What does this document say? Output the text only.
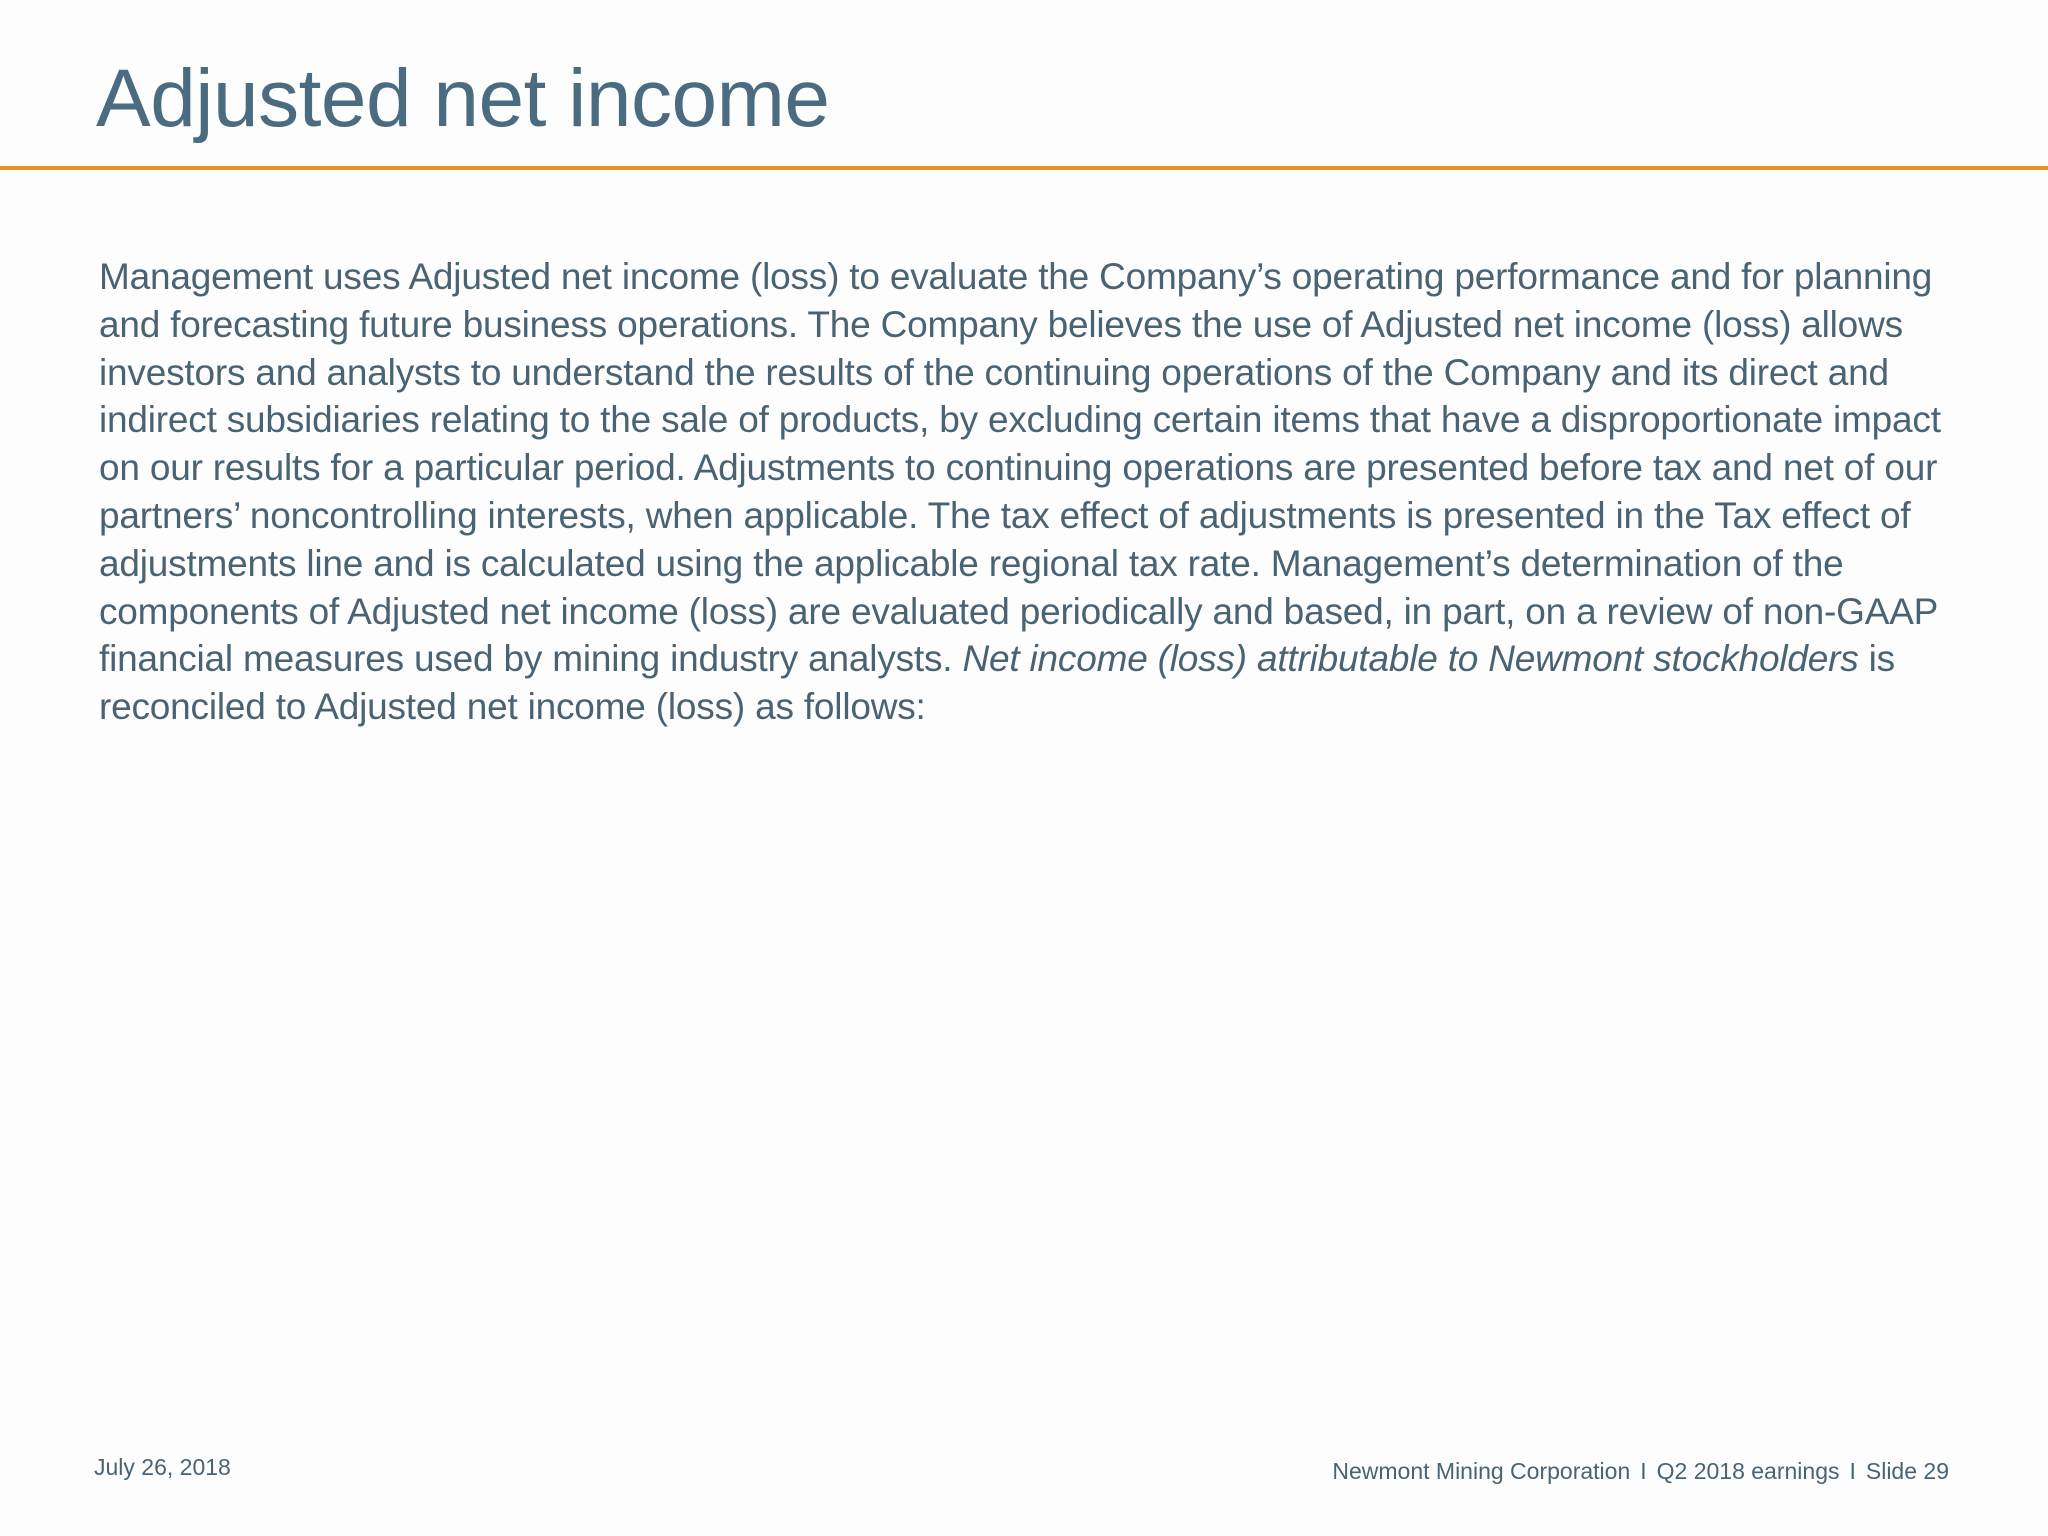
Adjusted net income

Management uses Adjusted net income (loss) to evaluate the Company’s operating performance and for planning and forecasting future business operations. The Company believes the use of Adjusted net income (loss) allows investors and analysts to understand the results of the continuing operations of the Company and its direct and indirect subsidiaries relating to the sale of products, by excluding certain items that have a disproportionate impact on our results for a particular period. Adjustments to continuing operations are presented before tax and net of our partners’ noncontrolling interests, when applicable. The tax effect of adjustments is presented in the Tax effect of adjustments line and is calculated using the applicable regional tax rate. Management’s determination of the components of Adjusted net income (loss) are evaluated periodically and based, in part, on a review of non-GAAP financial measures used by mining industry analysts. Net income (loss) attributable to Newmont stockholders is reconciled to Adjusted net income (loss) as follows:

July 26, 2018	Newmont Mining Corporation I Q2 2018 earnings I Slide 29
